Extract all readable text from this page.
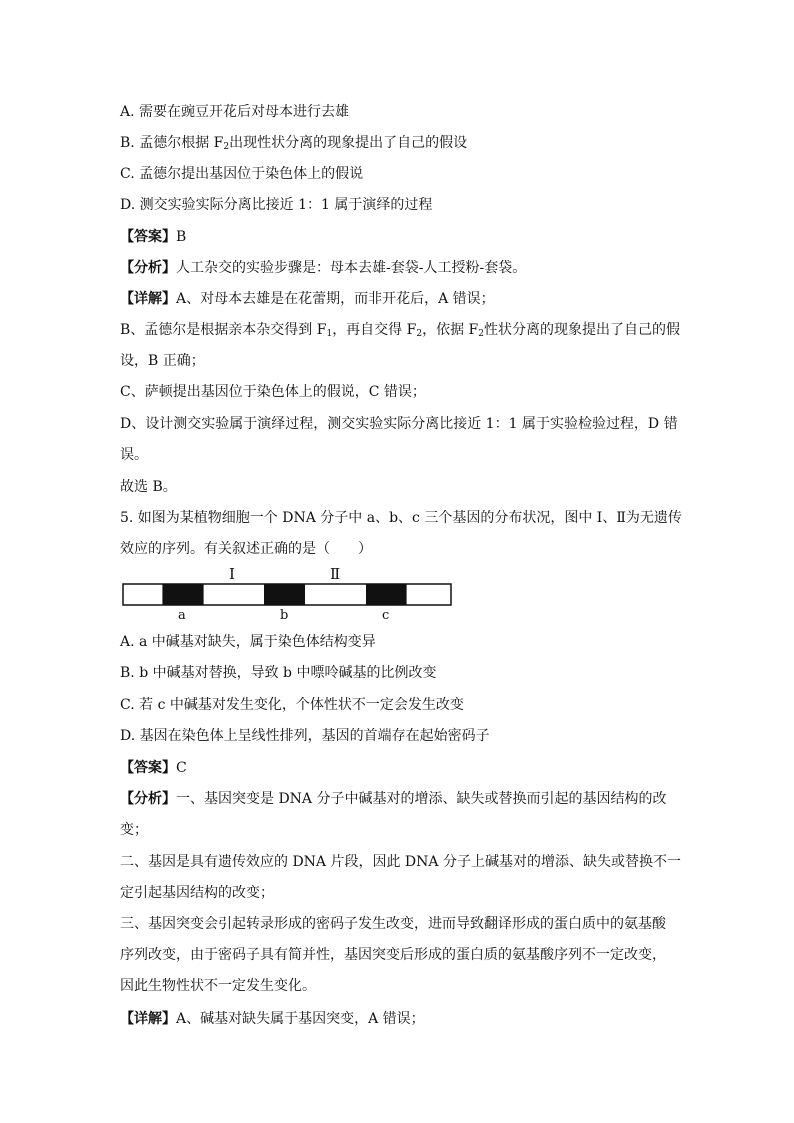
A. 需要在豌豆开花后对母本进行去雄
B. 孟德尔根据 $F_2$出现性状分离的现象提出了自己的假设
C. 孟德尔提出基因位于染色体上的假说
D. 测交实验实际分离比接近 1：1 属于演绎的过程
【答案】B
【分析】人工杂交的实验步骤是：母本去雄-套袋-人工授粉-套袋。
【详解】A、对母本去雄是在花蕾期，而非开花后，A 错误；
B、孟德尔是根据亲本杂交得到 $F_1$，再自交得 $F_2$，依据 $F_2$性状分离的现象提出了自己的假
设，B 正确；
C、萨顿提出基因位于染色体上的假说，C 错误；
D、设计测交实验属于演绎过程，测交实验实际分离比接近 1：1 属于实验检验过程，D 错
误。
故选 B。
5. 如图为某植物细胞一个 DNA 分子中 a、b、c 三个基因的分布状况，图中 I、Ⅱ为无遗传
效应的序列。有关叙述正确的是（　　）
I	Ⅱ
a	b	c
A. a 中碱基对缺失，属于染色体结构变异
B. b 中碱基对替换，导致 b 中嘌呤碱基的比例改变
C. 若 c 中碱基对发生变化，个体性状不一定会发生改变
D. 基因在染色体上呈线性排列，基因的首端存在起始密码子
【答案】C
【分析】一、基因突变是 DNA 分子中碱基对的增添、缺失或替换而引起的基因结构的改
变；
二、基因是具有遗传效应的 DNA 片段，因此 DNA 分子上碱基对的增添、缺失或替换不一
定引起基因结构的改变；
三、基因突变会引起转录形成的密码子发生改变，进而导致翻译形成的蛋白质中的氨基酸
序列改变，由于密码子具有简并性，基因突变后形成的蛋白质的氨基酸序列不一定改变，
因此生物性状不一定发生变化。
【详解】A、碱基对缺失属于基因突变，A 错误；
